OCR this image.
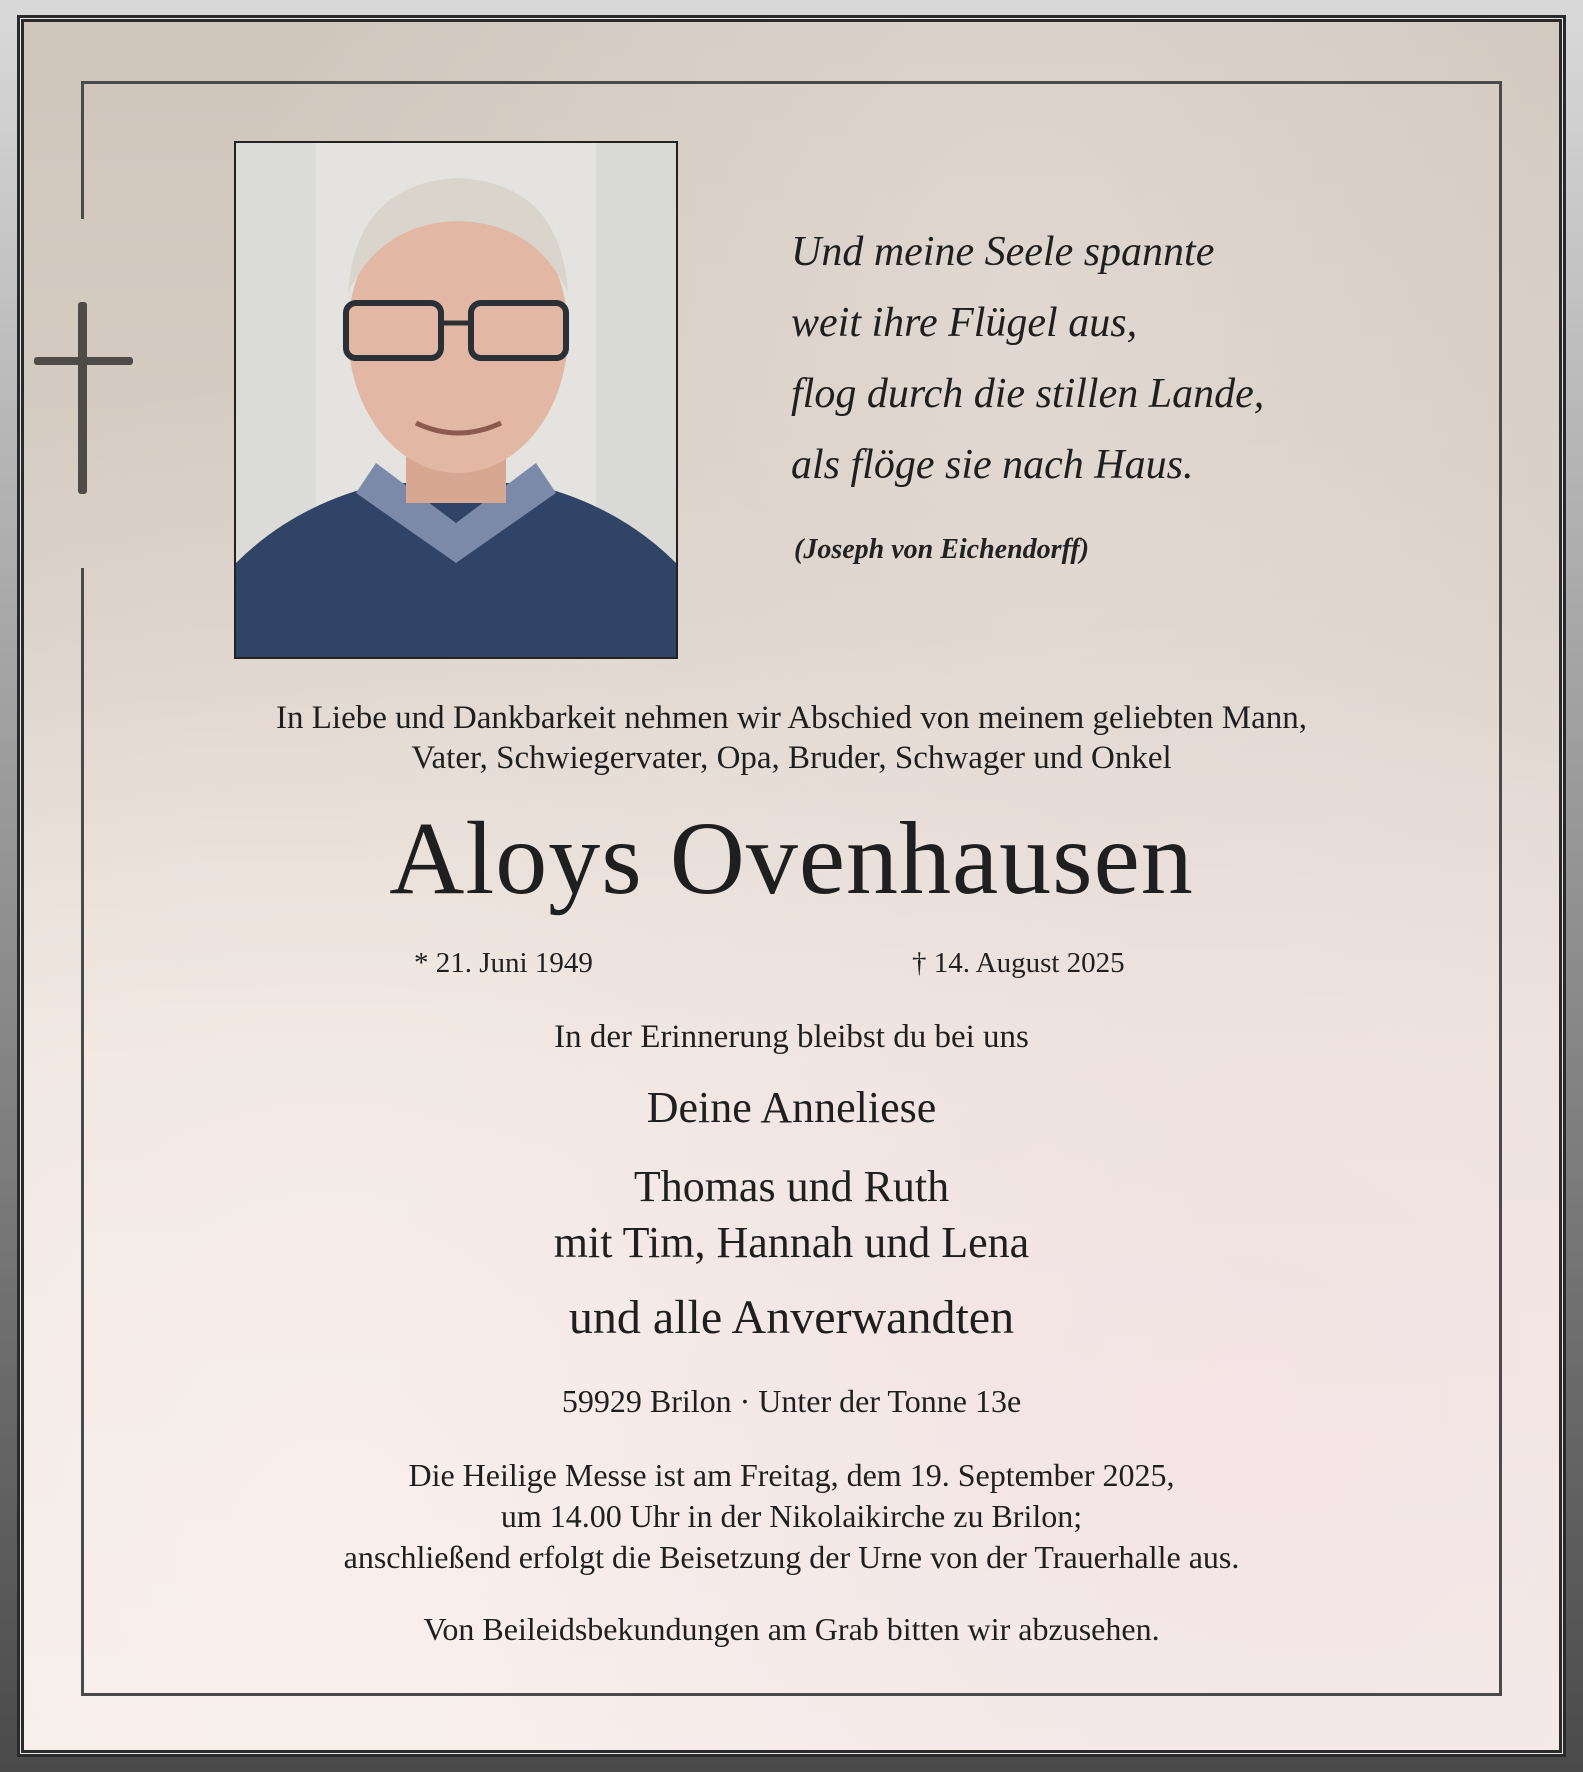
Und meine Seele spannte
weit ihre Flügel aus,
flog durch die stillen Lande,
als flöge sie nach Haus.
(Joseph von Eichendorff)
In Liebe und Dankbarkeit nehmen wir Abschied von meinem geliebten Mann,
Vater, Schwiegervater, Opa, Bruder, Schwager und Onkel
Aloys Ovenhausen
* 21. Juni 1949	† 14. August 2025
In der Erinnerung bleibst du bei uns
Deine Anneliese
Thomas und Ruth
mit Tim, Hannah und Lena
und alle Anverwandten
59929 Brilon · Unter der Tonne 13e
Die Heilige Messe ist am Freitag, dem 19. September 2025,
um 14.00 Uhr in der Nikolaikirche zu Brilon;
anschließend erfolgt die Beisetzung der Urne von der Trauerhalle aus.
Von Beileidsbekundungen am Grab bitten wir abzusehen.
